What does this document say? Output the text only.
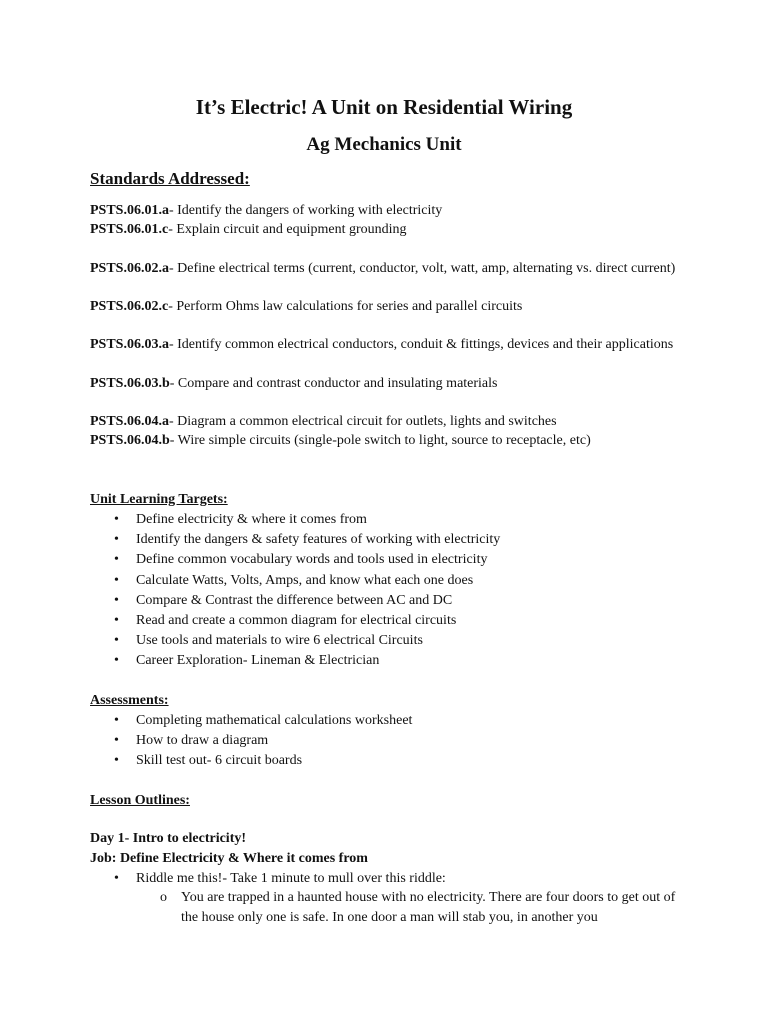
It’s Electric! A Unit on Residential Wiring
Ag Mechanics Unit
Standards Addressed:
PSTS.06.01.a- Identify the dangers of working with electricity
PSTS.06.01.c- Explain circuit and equipment grounding
PSTS.06.02.a- Define electrical terms (current, conductor, volt, watt, amp, alternating vs. direct current)
PSTS.06.02.c- Perform Ohms law calculations for series and parallel circuits
PSTS.06.03.a- Identify common electrical conductors, conduit & fittings, devices and their applications
PSTS.06.03.b- Compare and contrast conductor and insulating materials
PSTS.06.04.a- Diagram a common electrical circuit for outlets, lights and switches
PSTS.06.04.b- Wire simple circuits (single-pole switch to light, source to receptacle, etc)
Unit Learning Targets:
• Define electricity & where it comes from
• Identify the dangers & safety features of working with electricity
• Define common vocabulary words and tools used in electricity
• Calculate Watts, Volts, Amps, and know what each one does
• Compare & Contrast the difference between AC and DC
• Read and create a common diagram for electrical circuits
• Use tools and materials to wire 6 electrical Circuits
• Career Exploration- Lineman & Electrician
Assessments:
• Completing mathematical calculations worksheet
• How to draw a diagram
• Skill test out- 6 circuit boards
Lesson Outlines:
Day 1- Intro to electricity!
Job: Define Electricity & Where it comes from
• Riddle me this!- Take 1 minute to mull over this riddle:
o You are trapped in a haunted house with no electricity. There are four doors to get out of the house only one is safe. In one door a man will stab you, in another you
